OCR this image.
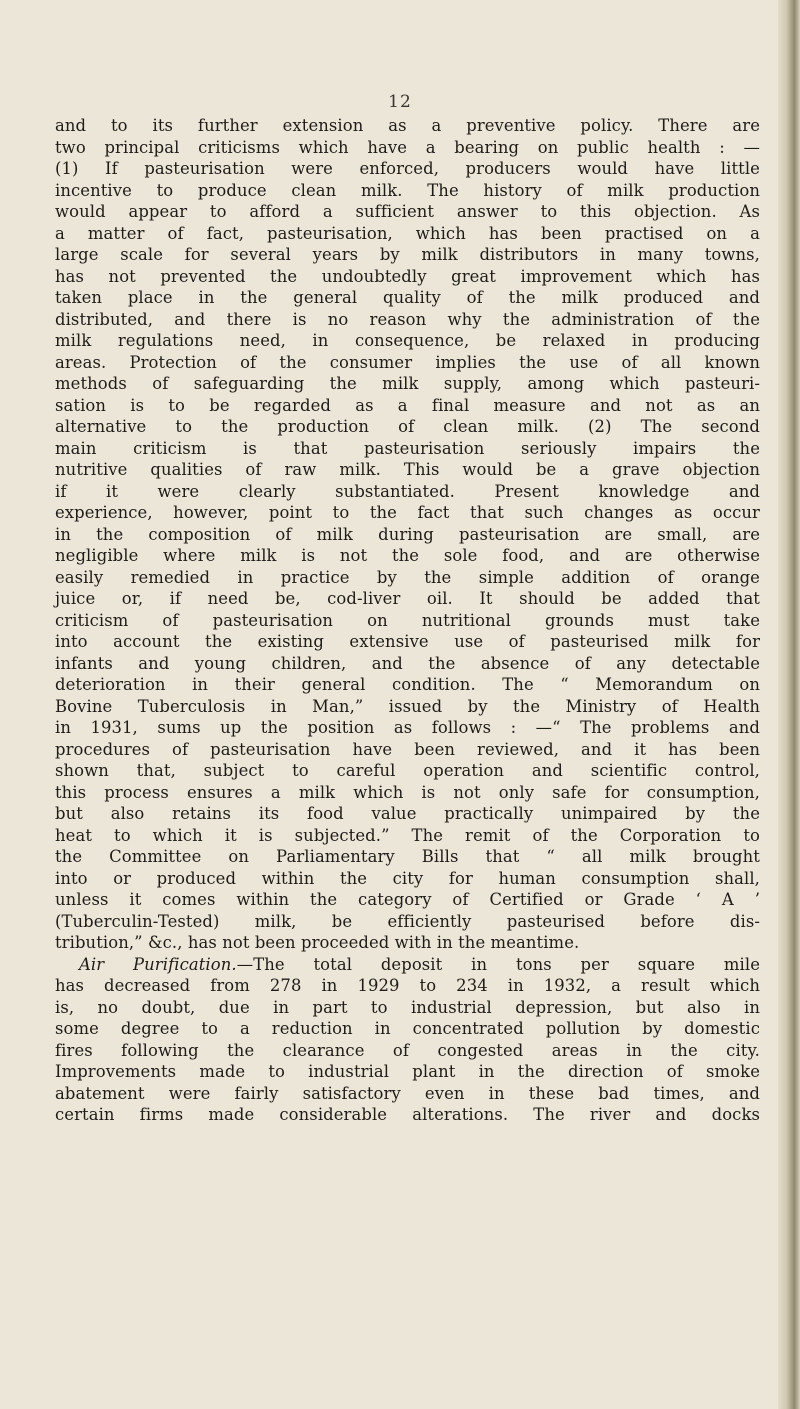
12

and to its further extension as a preventive policy. There are
two principal criticisms which have a bearing on public health : —
(1) If pasteurisation were enforced, producers would have little
incentive to produce clean milk. The history of milk production
would appear to afford a sufficient answer to this objection. As
a matter of fact, pasteurisation, which has been practised on a
large scale for several years by milk distributors in many towns,
has not prevented the undoubtedly great improvement which has
taken place in the general quality of the milk produced and
distributed, and there is no reason why the administration of the
milk regulations need, in consequence, be relaxed in producing
areas. Protection of the consumer implies the use of all known
methods of safeguarding the milk supply, among which pasteuri-
sation is to be regarded as a final measure and not as an
alternative to the production of clean milk. (2) The second
main criticism is that pasteurisation seriously impairs the
nutritive qualities of raw milk. This would be a grave objection
if it were clearly substantiated. Present knowledge and
experience, however, point to the fact that such changes as occur
in the composition of milk during pasteurisation are small, are
negligible where milk is not the sole food, and are otherwise
easily remedied in practice by the simple addition of orange
juice or, if need be, cod-liver oil. It should be added that
criticism of pasteurisation on nutritional grounds must take
into account the existing extensive use of pasteurised milk for
infants and young children, and the absence of any detectable
deterioration in their general condition. The “ Memorandum on
Bovine Tuberculosis in Man,” issued by the Ministry of Health
in 1931, sums up the position as follows : —“ The problems and
procedures of pasteurisation have been reviewed, and it has been
shown that, subject to careful operation and scientific control,
this process ensures a milk which is not only safe for consumption,
but also retains its food value practically unimpaired by the
heat to which it is subjected.” The remit of the Corporation to
the Committee on Parliamentary Bills that “ all milk brought
into or produced within the city for human consumption shall,
unless it comes within the category of Certified or Grade ‘ A ’
(Tuberculin-Tested) milk, be efficiently pasteurised before dis-
tribution,” &c., has not been proceeded with in the meantime.

Air Purification.—The total deposit in tons per square mile
has decreased from 278 in 1929 to 234 in 1932, a result which
is, no doubt, due in part to industrial depression, but also in
some degree to a reduction in concentrated pollution by domestic
fires following the clearance of congested areas in the city.
Improvements made to industrial plant in the direction of smoke
abatement were fairly satisfactory even in these bad times, and
certain firms made considerable alterations. The river and docks
